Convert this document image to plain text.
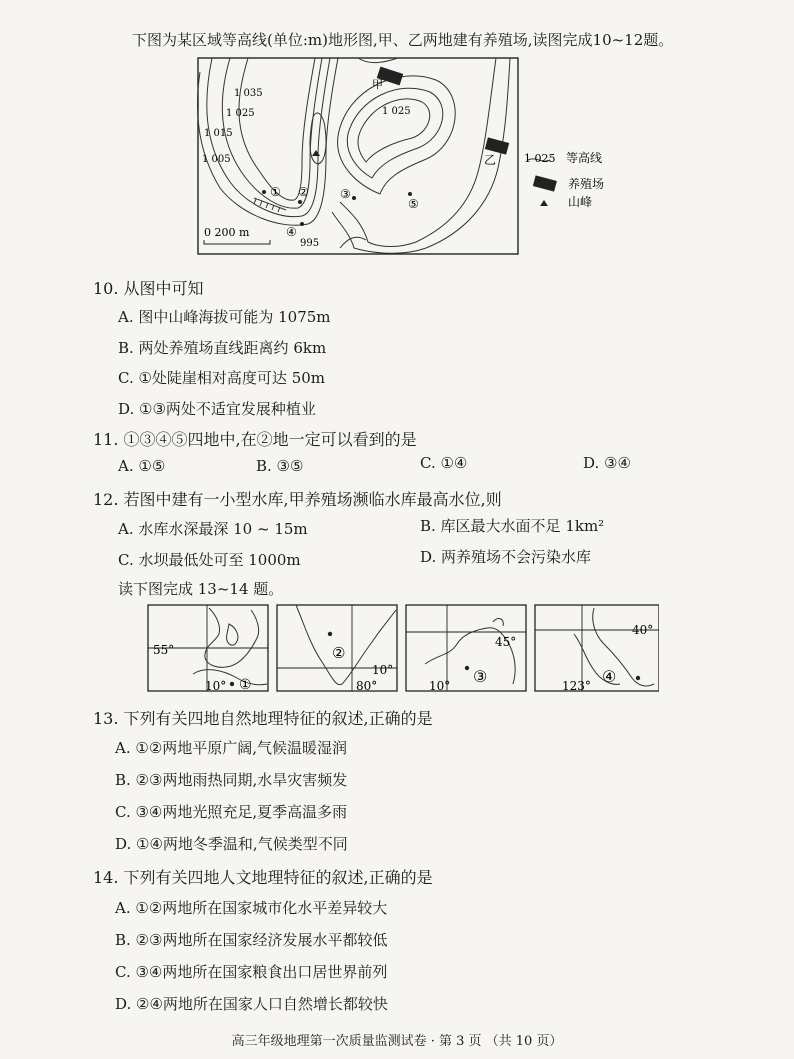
下图为某区域等高线(单位:m)地形图,甲、乙两地建有养殖场,读图完成10~12题。
1 035
1 025
1 015
1 005
1 025
995
甲
乙
① ②	③
④
⑤
0 200 m
1 025 等高线
养殖场
山峰
10. 从图中可知
A. 图中山峰海拔可能为 1075m
B. 两处养殖场直线距离约 6km
C. ①处陡崖相对高度可达 50m
D. ①③两处不适宜发展种植业
11. ①③④⑤四地中,在②地一定可以看到的是
A. ①⑤	B. ③⑤	C. ①④	D. ③④
12. 若图中建有一小型水库,甲养殖场濒临水库最高水位,则
A. 水库水深最深 10 ~ 15m	B. 库区最大水面不足 1km²
C. 水坝最低处可至 1000m	D. 两养殖场不会污染水库
读下图完成 13~14 题。
55°
10° ①
②
10°
80°
45°
10° ③
40°
123° ④
13. 下列有关四地自然地理特征的叙述,正确的是
A. ①②两地平原广阔,气候温暖湿润
B. ②③两地雨热同期,水旱灾害频发
C. ③④两地光照充足,夏季高温多雨
D. ①④两地冬季温和,气候类型不同
14. 下列有关四地人文地理特征的叙述,正确的是
A. ①②两地所在国家城市化水平差异较大
B. ②③两地所在国家经济发展水平都较低
C. ③④两地所在国家粮食出口居世界前列
D. ②④两地所在国家人口自然增长都较快
高三年级地理第一次质量监测试卷 · 第 3 页 （共 10 页）
